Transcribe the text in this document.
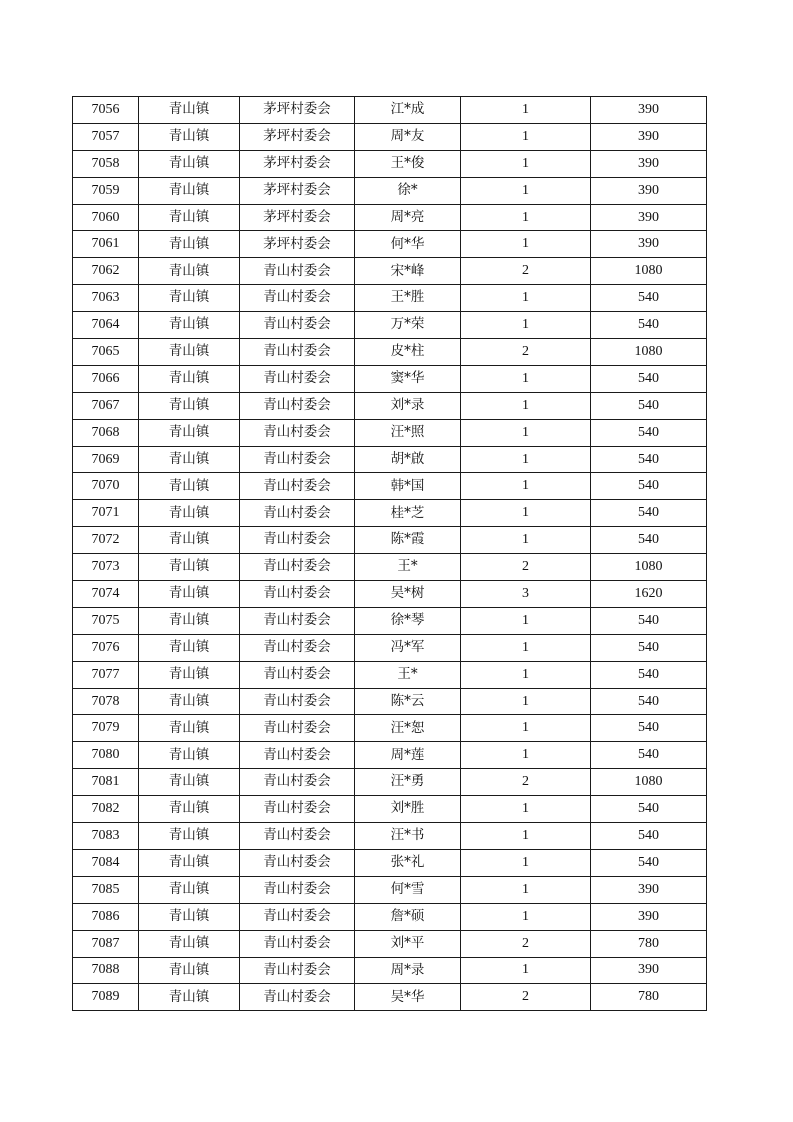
7056	青山镇	茅坪村委会	江*成	1	390
7057	青山镇	茅坪村委会	周*友	1	390
7058	青山镇	茅坪村委会	王*俊	1	390
7059	青山镇	茅坪村委会	徐*	1	390
7060	青山镇	茅坪村委会	周*亮	1	390
7061	青山镇	茅坪村委会	何*华	1	390
7062	青山镇	青山村委会	宋*峰	2	1080
7063	青山镇	青山村委会	王*胜	1	540
7064	青山镇	青山村委会	万*荣	1	540
7065	青山镇	青山村委会	皮*柱	2	1080
7066	青山镇	青山村委会	窦*华	1	540
7067	青山镇	青山村委会	刘*录	1	540
7068	青山镇	青山村委会	汪*照	1	540
7069	青山镇	青山村委会	胡*啟	1	540
7070	青山镇	青山村委会	韩*国	1	540
7071	青山镇	青山村委会	桂*芝	1	540
7072	青山镇	青山村委会	陈*霞	1	540
7073	青山镇	青山村委会	王*	2	1080
7074	青山镇	青山村委会	吴*树	3	1620
7075	青山镇	青山村委会	徐*琴	1	540
7076	青山镇	青山村委会	冯*军	1	540
7077	青山镇	青山村委会	王*	1	540
7078	青山镇	青山村委会	陈*云	1	540
7079	青山镇	青山村委会	汪*恕	1	540
7080	青山镇	青山村委会	周*莲	1	540
7081	青山镇	青山村委会	汪*勇	2	1080
7082	青山镇	青山村委会	刘*胜	1	540
7083	青山镇	青山村委会	汪*书	1	540
7084	青山镇	青山村委会	张*礼	1	540
7085	青山镇	青山村委会	何*雪	1	390
7086	青山镇	青山村委会	詹*硕	1	390
7087	青山镇	青山村委会	刘*平	2	780
7088	青山镇	青山村委会	周*录	1	390
7089	青山镇	青山村委会	吴*华	2	780
